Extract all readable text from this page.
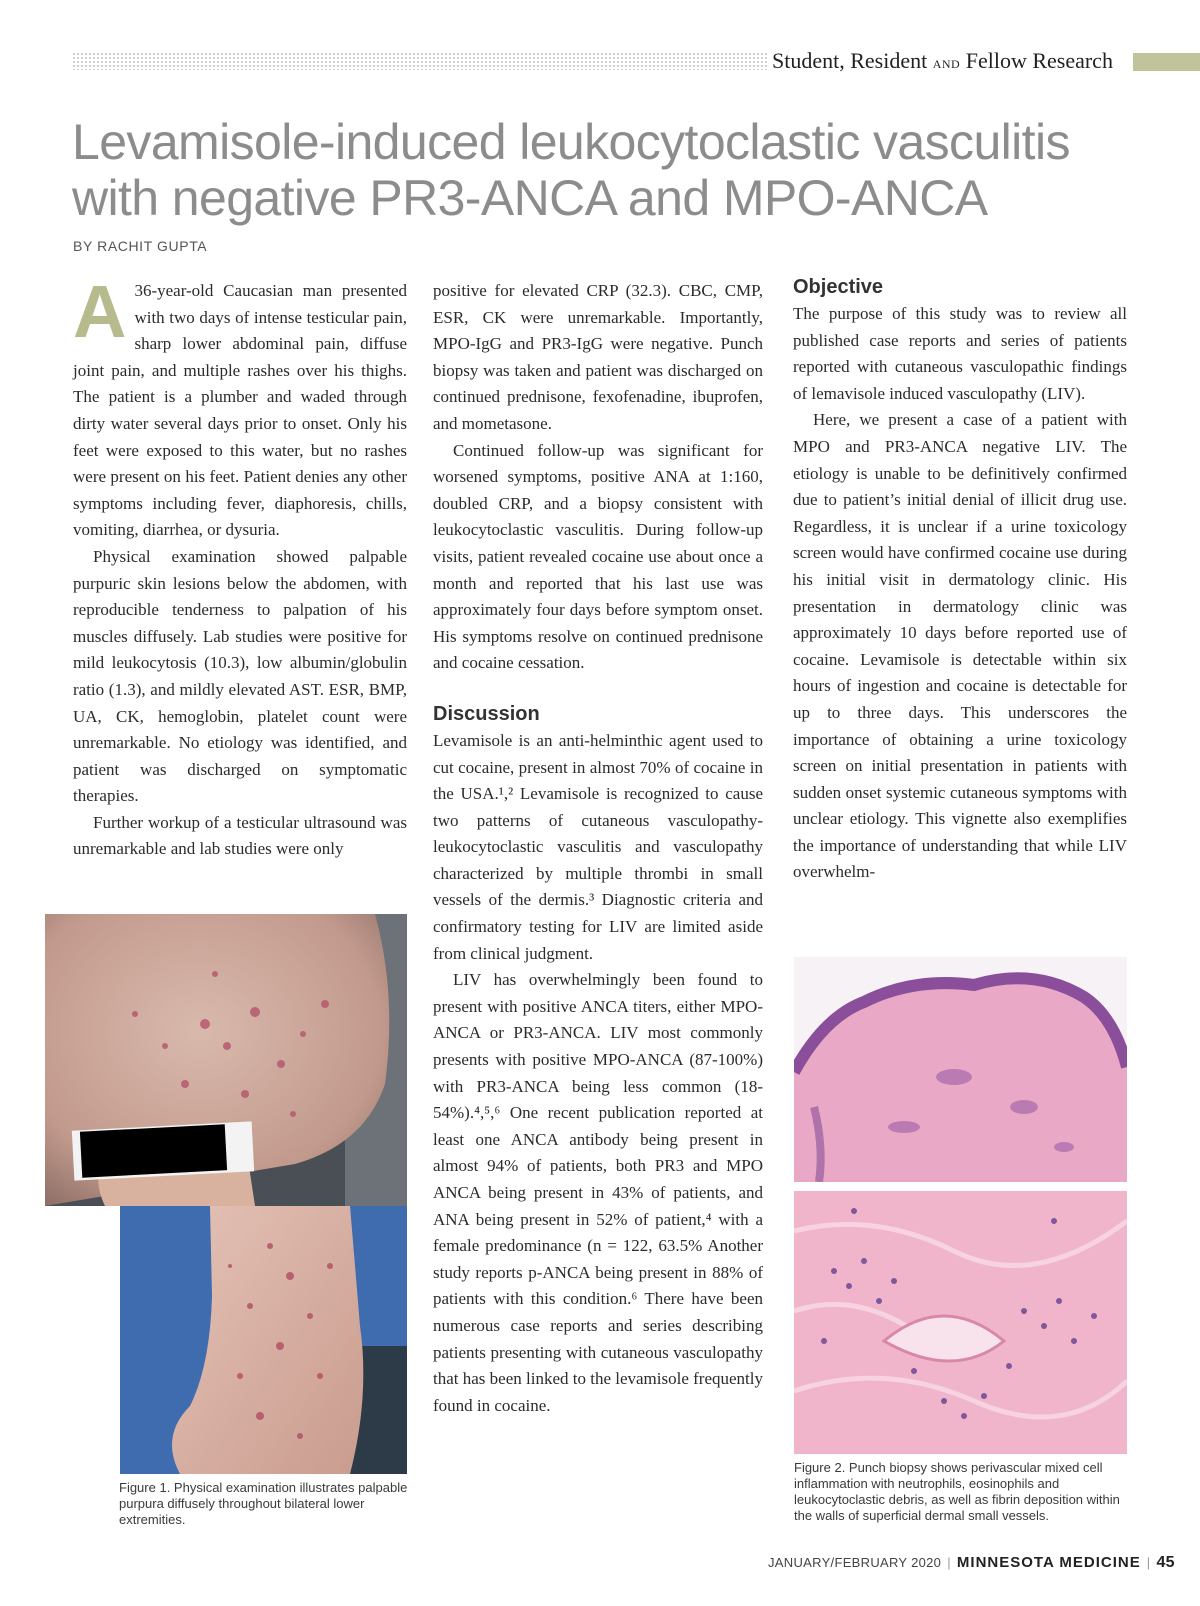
Student, Resident AND Fellow Research
Levamisole-induced leukocytoclastic vasculitis with negative PR3-ANCA and MPO-ANCA
BY RACHIT GUPTA

A 36-year-old Caucasian man presented with two days of intense testicular pain, sharp lower abdominal pain, diffuse joint pain, and multiple rashes over his thighs. The patient is a plumber and waded through dirty water several days prior to onset. Only his feet were exposed to this water, but no rashes were present on his feet. Patient denies any other symptoms including fever, diaphoresis, chills, vomiting, diarrhea, or dysuria.

Physical examination showed palpable purpuric skin lesions below the abdomen, with reproducible tenderness to palpation of his muscles diffusely. Lab studies were positive for mild leukocytosis (10.3), low albumin/globulin ratio (1.3), and mildly elevated AST. ESR, BMP, UA, CK, hemoglobin, platelet count were unremarkable. No etiology was identified, and patient was discharged on symptomatic therapies.

Further workup of a testicular ultrasound was unremarkable and lab studies were only

positive for elevated CRP (32.3). CBC, CMP, ESR, CK were unremarkable. Importantly, MPO-IgG and PR3-IgG were negative. Punch biopsy was taken and patient was discharged on continued prednisone, fexofenadine, ibuprofen, and mometasone.

Continued follow-up was significant for worsened symptoms, positive ANA at 1:160, doubled CRP, and a biopsy consistent with leukocytoclastic vasculitis. During follow-up visits, patient revealed cocaine use about once a month and reported that his last use was approximately four days before symptom onset. His symptoms resolve on continued prednisone and cocaine cessation.

Discussion

Levamisole is an anti-helminthic agent used to cut cocaine, present in almost 70% of cocaine in the USA.¹,² Levamisole is recognized to cause two patterns of cutaneous vasculopathy-leukocytoclastic vasculitis and vasculopathy characterized by multiple thrombi in small vessels of the dermis.³ Diagnostic criteria and confirmatory testing for LIV are limited aside from clinical judgment.

LIV has overwhelmingly been found to present with positive ANCA titers, either MPO-ANCA or PR3-ANCA. LIV most commonly presents with positive MPO-ANCA (87-100%) with PR3-ANCA being less common (18-54%).⁴,⁵,⁶ One recent publication reported at least one ANCA antibody being present in almost 94% of patients, both PR3 and MPO ANCA being present in 43% of patients, and ANA being present in 52% of patient,⁴ with a female predominance (n = 122, 63.5% Another study reports p-ANCA being present in 88% of patients with this condition.⁶ There have been numerous case reports and series describing patients presenting with cutaneous vasculopathy that has been linked to the levamisole frequently found in cocaine.

Objective

The purpose of this study was to review all published case reports and series of patients reported with cutaneous vasculopathic findings of lemavisole induced vasculopathy (LIV).

Here, we present a case of a patient with MPO and PR3-ANCA negative LIV. The etiology is unable to be definitively confirmed due to patient’s initial denial of illicit drug use. Regardless, it is unclear if a urine toxicology screen would have confirmed cocaine use during his initial visit in dermatology clinic. His presentation in dermatology clinic was approximately 10 days before reported use of cocaine. Levamisole is detectable within six hours of ingestion and cocaine is detectable for up to three days. This underscores the importance of obtaining a urine toxicology screen on initial presentation in patients with sudden onset systemic cutaneous symptoms with unclear etiology. This vignette also exemplifies the importance of understanding that while LIV overwhelm-

Figure 1. Physical examination illustrates palpable purpura diffusely throughout bilateral lower extremities.
Figure 2. Punch biopsy shows perivascular mixed cell inflammation with neutrophils, eosinophils and leukocytoclastic debris, as well as fibrin deposition within the walls of superficial dermal small vessels.
JANUARY/FEBRUARY 2020 | MINNESOTA MEDICINE | 45
